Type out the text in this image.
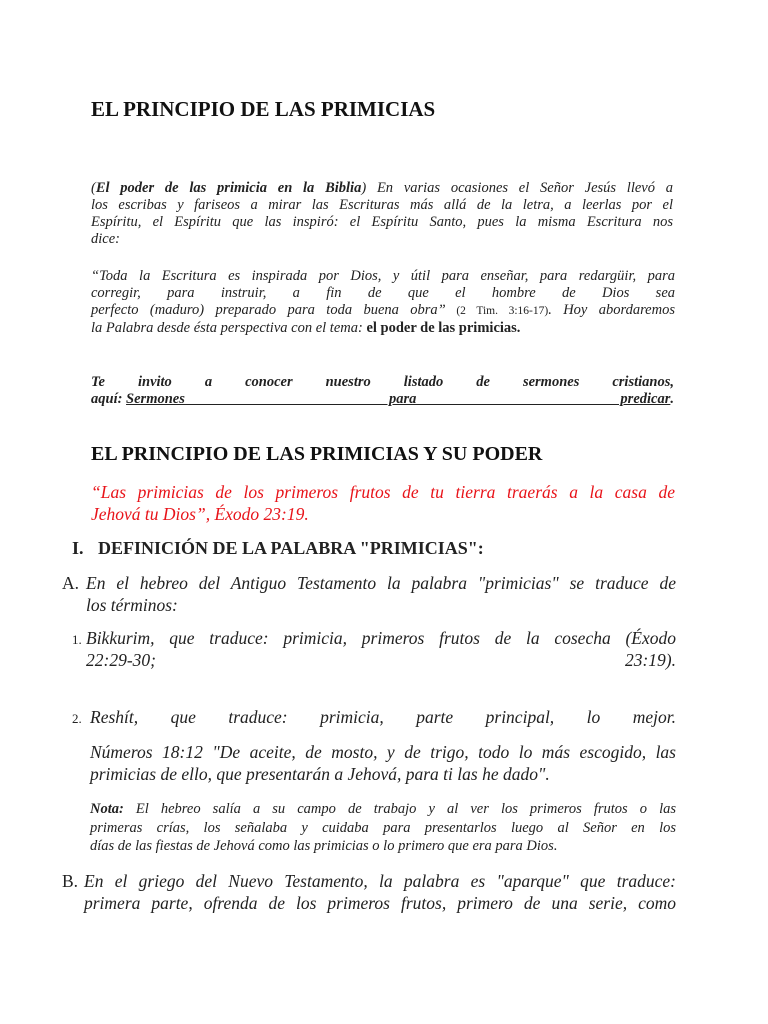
EL PRINCIPIO DE LAS PRIMICIAS
(El poder de las primicia en la Biblia) En varias ocasiones el Señor Jesús llevó a
los escribas y fariseos a mirar las Escrituras más allá de la letra, a leerlas por el
Espíritu, el Espíritu que las inspiró: el Espíritu Santo, pues la misma Escritura nos
dice:
“Toda la Escritura es inspirada por Dios, y útil para enseñar, para redargüir, para
corregir, para instruir, a fin de que el hombre de Dios sea
perfecto (maduro) preparado para toda buena obra” (2 Tim. 3:16-17). Hoy abordaremos
la Palabra desde ésta perspectiva con el tema: el poder de las primicias.
Te invito a conocer nuestro listado de sermones cristianos,
aquí: Sermones para predicar .
EL PRINCIPIO DE LAS PRIMICIAS Y SU PODER
“Las primicias de los primeros frutos de tu tierra traerás a la casa de
Jehová tu Dios”, Éxodo 23:19.
I. DEFINICIÓN DE LA PALABRA "PRIMICIAS":
A. En el hebreo del Antiguo Testamento la palabra "primicias" se traduce de
los términos:
1. Bikkurim, que traduce: primicia, primeros frutos de la cosecha (Éxodo
22:29-30;	23:19).
2. Reshít, que traduce: primicia, parte principal, lo mejor.
Números 18:12 "De aceite, de mosto, y de trigo, todo lo más escogido, las
primicias de ello, que presentarán a Jehová, para ti las he dado".
Nota: El hebreo salía a su campo de trabajo y al ver los primeros frutos o las
primeras crías, los señalaba y cuidaba para presentarlos luego al Señor en los
días de las fiestas de Jehová como las primicias o lo primero que era para Dios.
B. En el griego del Nuevo Testamento, la palabra es "aparque" que traduce:
primera parte, ofrenda de los primeros frutos, primero de una serie, como
